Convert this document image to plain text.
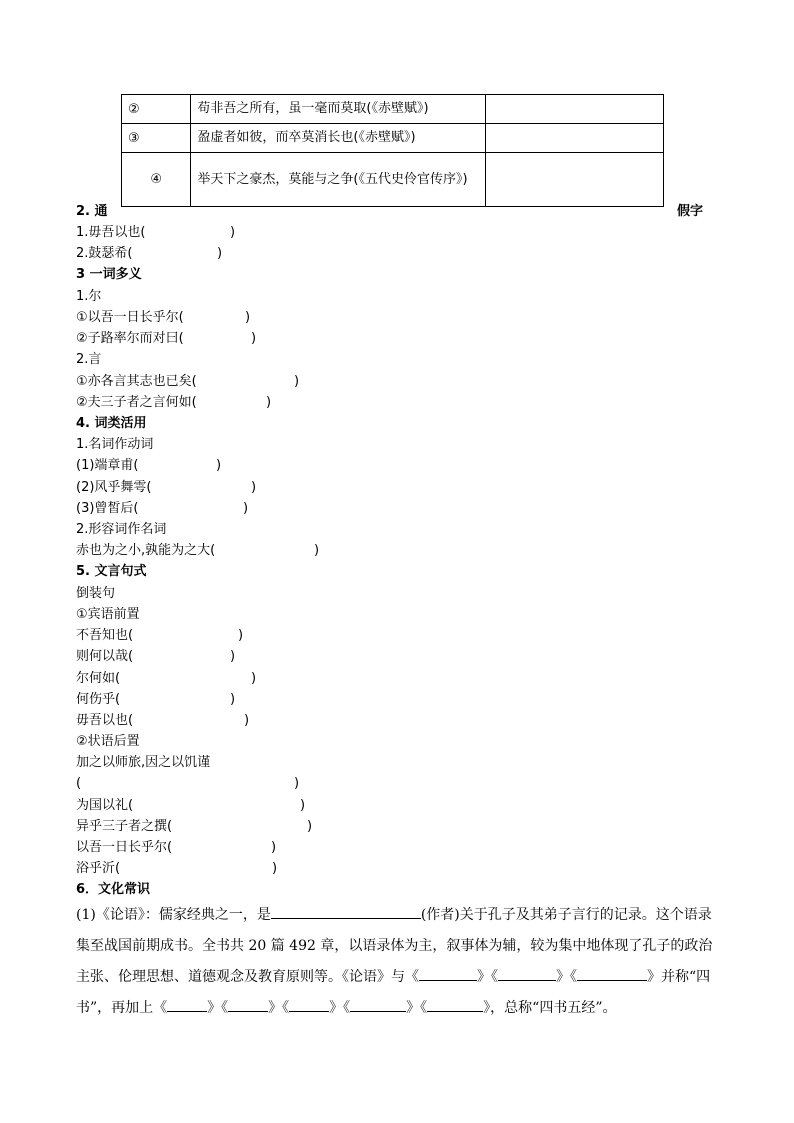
②	苟非吾之所有，虽一毫而莫取(《赤壁赋》)	
③	盈虚者如彼，而卒莫消长也(《赤壁赋》)	
④	举天下之豪杰，莫能与之争(《五代史伶官传序》)	
2. 通	假字
1.毋吾以也(	)
2.鼓瑟希(	)
3 一词多义
1.尔
①以吾一日长乎尔(	)
②子路率尔而对曰(	)
2.言
①亦各言其志也已矣(	)
②夫三子者之言何如(	)
4. 词类活用
1.名词作动词
(1)端章甫(	)
(2)风乎舞雩(	)
(3)曾皙后(	)
2.形容词作名词
赤也为之小,孰能为之大(	)
5. 文言句式
倒装句
①宾语前置
不吾知也(	)
则何以哉(	)
尔何如(	)
何伤乎(	)
毋吾以也(	)
②状语后置
加之以师旅,因之以饥谨
(	)
为国以礼(	)
异乎三子者之撰(	)
以吾一日长乎尔(	)
浴乎沂(	)
6．文化常识
(1)《论语》：儒家经典之一，是	(作者)关于孔子及其弟子言行的记录。这个语录集至战国前期成书。全书共 20 篇 492 章，以语录体为主，叙事体为辅，较为集中地体现了孔子的政治主张、伦理思想、道德观念及教育原则等。《论语》与《	》《	》《	》并称“四书”，再加上《	》《	》《	》《	》《	》，总称“四书五经”。
